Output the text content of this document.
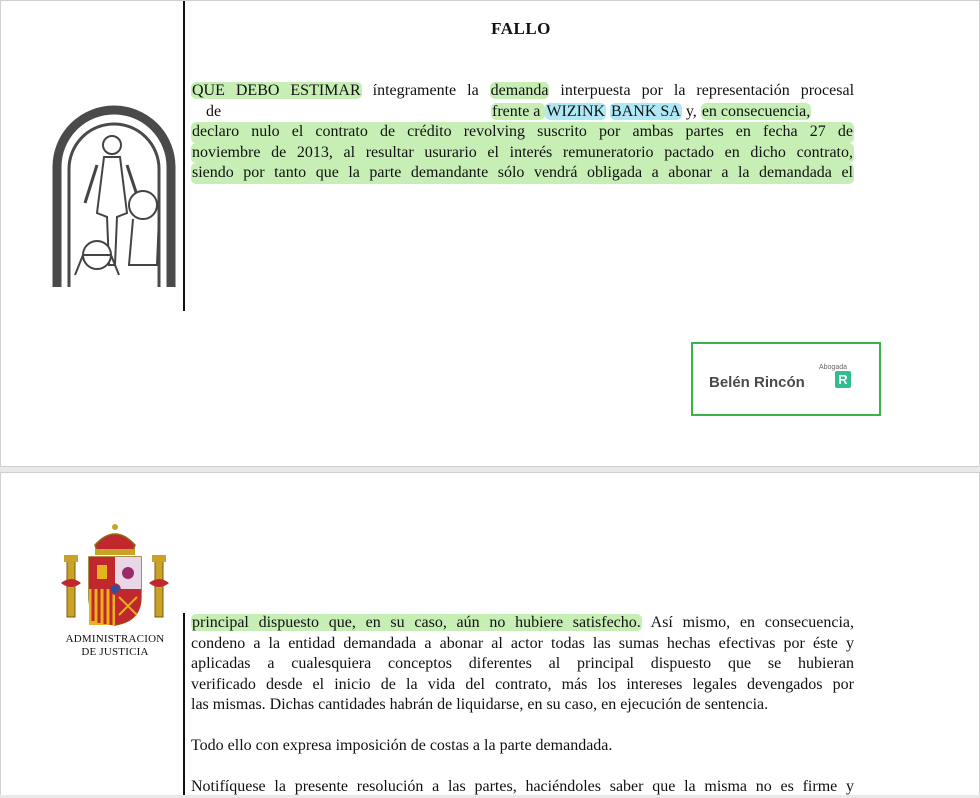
FALLO
QUE DEBO ESTIMAR íntegramente la demanda interpuesta por la representación procesal
de	frente a WIZINK BANK SA y, en consecuencia,
declaro nulo el contrato de crédito revolving suscrito por ambas partes en fecha 27 de
noviembre de 2013, al resultar usurario el interés remuneratorio pactado en dicho contrato,
siendo por tanto que la parte demandante sólo vendrá obligada a abonar a la demandada el
Abogada
Belén Rincón	R
ADMINISTRACION
DE JUSTICIA
principal dispuesto que, en su caso, aún no hubiere satisfecho. Así mismo, en consecuencia,
condeno a la entidad demandada a abonar al actor todas las sumas hechas efectivas por éste y
aplicadas a cualesquiera conceptos diferentes al principal dispuesto que se hubieran
verificado desde el inicio de la vida del contrato, más los intereses legales devengados por
las mismas. Dichas cantidades habrán de liquidarse, en su caso, en ejecución de sentencia.
Todo ello con expresa imposición de costas a la parte demandada.
Notifíquese la presente resolución a las partes, haciéndoles saber que la misma no es firme y
